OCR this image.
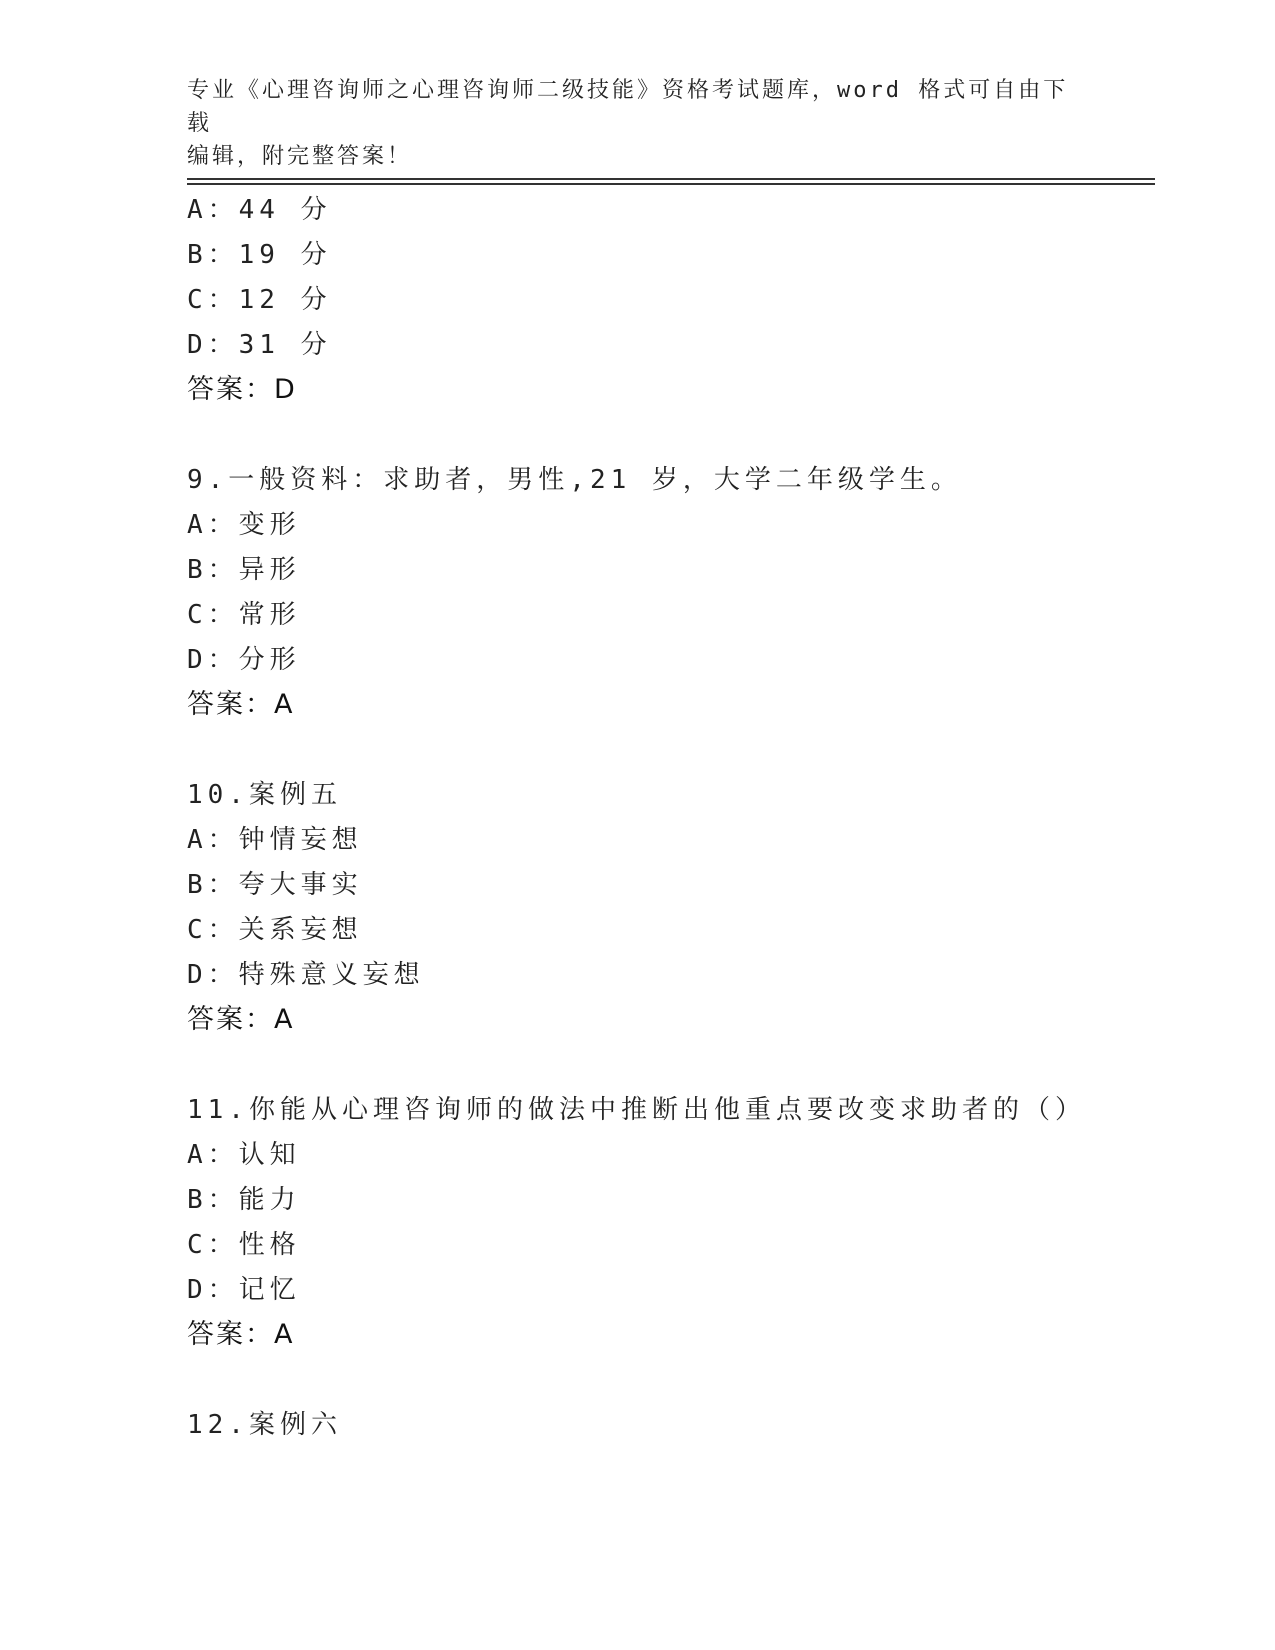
专业《心理咨询师之心理咨询师二级技能》资格考试题库，word 格式可自由下载
编辑，附完整答案！
A：44 分
B：19 分
C：12 分
D：31 分
答案：D
9.一般资料：求助者，男性,21 岁，大学二年级学生。
A：变形
B：异形
C：常形
D：分形
答案：A
10.案例五
A：钟情妄想
B：夸大事实
C：关系妄想
D：特殊意义妄想
答案：A
11.你能从心理咨询师的做法中推断出他重点要改变求助者的（）
A：认知
B：能力
C：性格
D：记忆
答案：A
12.案例六
